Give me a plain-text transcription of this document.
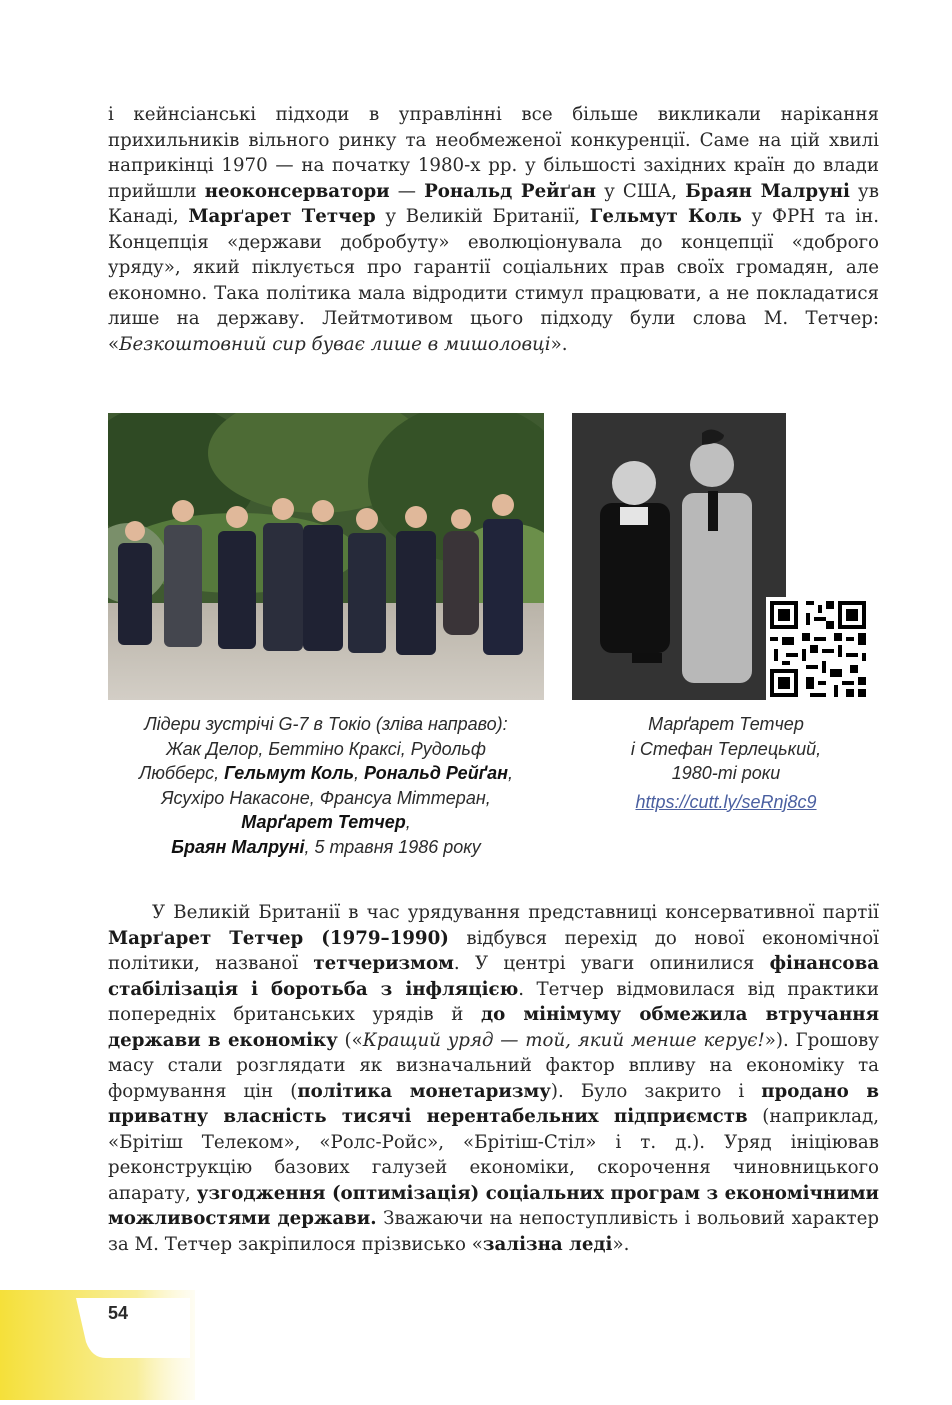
і кейнсіанські підходи в управлінні все більше викликали нарікання прихильників вільного ринку та необмеженої конкуренції. Саме на цій хвилі наприкінці 1970 — на початку 1980-х рр. у більшості західних країн до влади прийшли неоконсерватори — Рональд Рейґан у США, Браян Малруні ув Канаді, Марґарет Тетчер у Великій Британії, Гельмут Коль у ФРН та ін. Концепція «держави добробуту» еволюціонувала до концепції «доброго уряду», який піклується про гарантії соціальних прав своїх громадян, але економно. Така політика мала відродити стимул працювати, а не покладатися лише на державу. Лейтмотивом цього підходу були слова М. Тетчер: «Безкоштовний сир буває лише в мишоловці».

Лідери зустрічі G-7 в Токіо (зліва направо):
Жак Делор, Беттіно Краксі, Рудольф
Люббеpс, Гельмут Коль, Рональд Рейґан,
Ясухіро Накасоне, Франсуа Міттеран,
Марґарет Тетчер,
Браян Малруні, 5 травня 1986 року
Марґарет Тетчер
і Стефан Терлецький,
1980-ті роки
https://cutt.ly/seRnj8c9

У Великій Британії в час урядування представниці консервативної партії Марґарет Тетчер (1979–1990) відбувся перехід до нової економічної політики, названої тетчеризмом. У центрі уваги опинилися фінансова стабілізація і боротьба з інфляцією. Тетчер відмовилася від практики попередніх британських урядів й до мінімуму обмежила втручання держави в економіку («Кращий уряд — той, який менше керує!»). Грошову масу стали розглядати як визначальний фактор впливу на економіку та формування цін (політика монетаризму). Було закрито і продано в приватну власність тисячі нерентабельних підприємств (наприклад, «Брітіш Телеком», «Ролс-Ройс», «Брітіш-Стіл» і т. д.). Уряд ініціював реконструкцію базових галузей економіки, скорочення чиновницького апарату, узгодження (оптимізація) соціальних програм з економічними можливостями держави. Зважаючи на непоступливість і вольовий характер за М. Тетчер закріпилося прізвисько «залізна леді».

54
